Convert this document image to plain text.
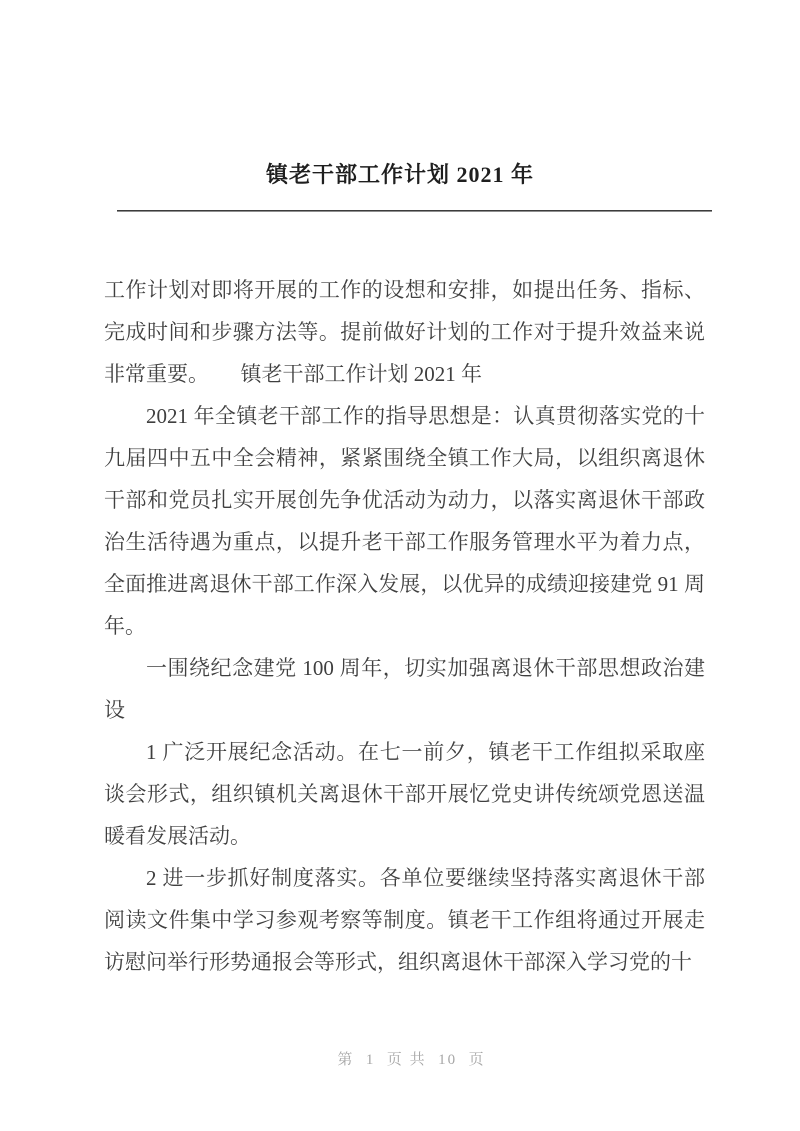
镇老干部工作计划 2021 年

工作计划对即将开展的工作的设想和安排，如提出任务、指标、完成时间和步骤方法等。提前做好计划的工作对于提升效益来说非常重要。　　镇老干部工作计划 2021 年

2021 年全镇老干部工作的指导思想是：认真贯彻落实党的十九届四中五中全会精神，紧紧围绕全镇工作大局，以组织离退休干部和党员扎实开展创先争优活动为动力，以落实离退休干部政治生活待遇为重点，以提升老干部工作服务管理水平为着力点，全面推进离退休干部工作深入发展，以优异的成绩迎接建党 91 周年。

一围绕纪念建党 100 周年，切实加强离退休干部思想政治建设

1 广泛开展纪念活动。在七一前夕，镇老干工作组拟采取座谈会形式，组织镇机关离退休干部开展忆党史讲传统颂党恩送温暖看发展活动。

2 进一步抓好制度落实。各单位要继续坚持落实离退休干部阅读文件集中学习参观考察等制度。镇老干工作组将通过开展走访慰问举行形势通报会等形式，组织离退休干部深入学习党的十

第  1  页 共  10  页
